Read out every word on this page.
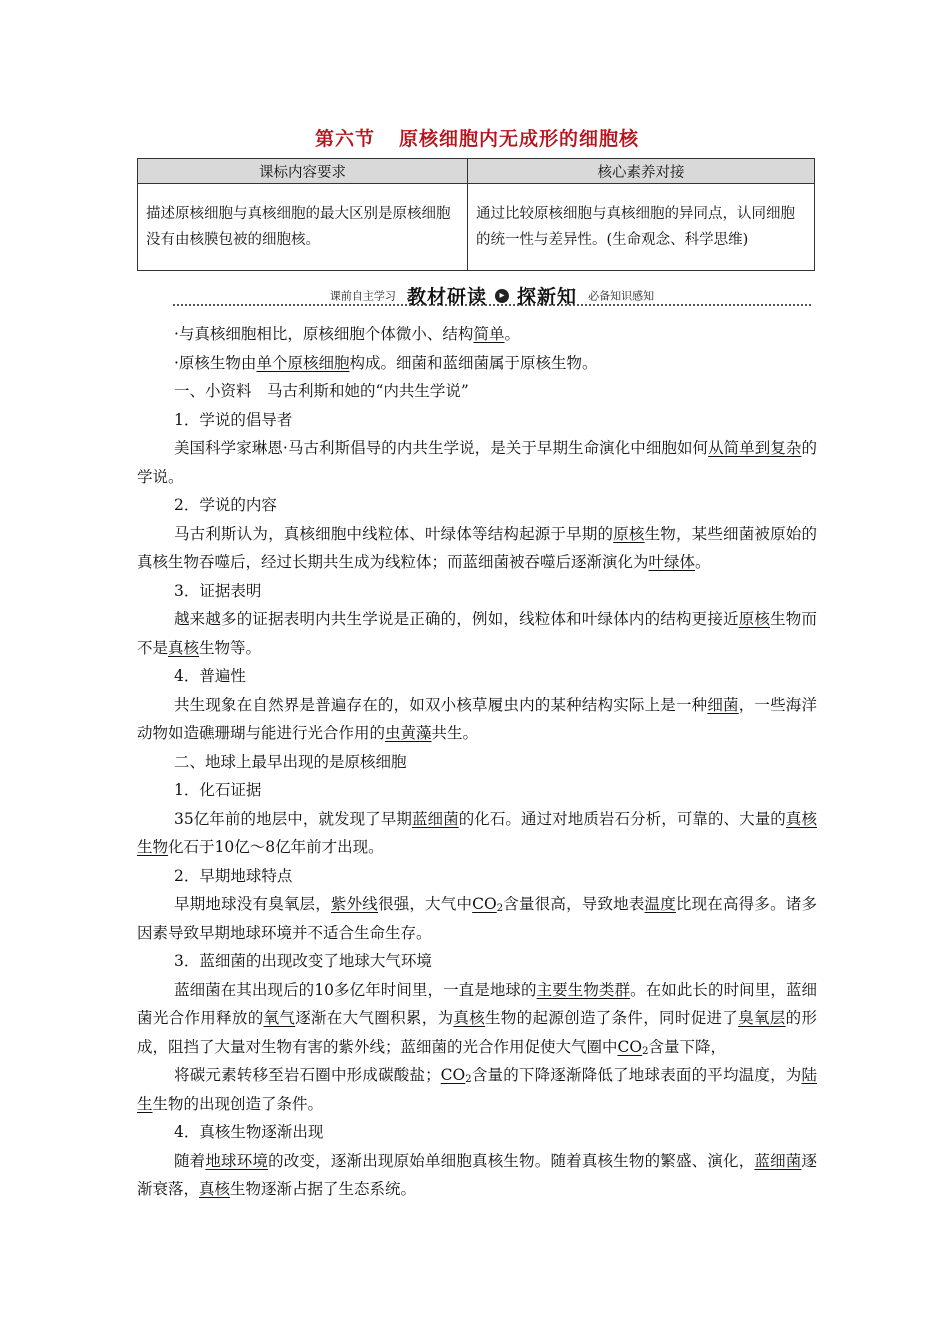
第六节 原核细胞内无成形的细胞核
课标内容要求	核心素养对接
描述原核细胞与真核细胞的最大区别是原核细胞没有由核膜包被的细胞核。	通过比较原核细胞与真核细胞的异同点，认同细胞的统一性与差异性。(生命观念、科学思维)
课前自主学习 教材研读 ▸ 探新知 必备知识感知

·与真核细胞相比，原核细胞个体微小、结构简单。

·原核生物由单个原核细胞构成。细菌和蓝细菌属于原核生物。

一、小资料　马古利斯和她的“内共生学说”

1．学说的倡导者

美国科学家琳恩·马古利斯倡导的内共生学说，是关于早期生命演化中细胞如何从简单到复杂的学说。

2．学说的内容

马古利斯认为，真核细胞中线粒体、叶绿体等结构起源于早期的原核生物，某些细菌被原始的真核生物吞噬后，经过长期共生成为线粒体；而蓝细菌被吞噬后逐渐演化为叶绿体。

3．证据表明

越来越多的证据表明内共生学说是正确的，例如，线粒体和叶绿体内的结构更接近原核生物而不是真核生物等。

4．普遍性

共生现象在自然界是普遍存在的，如双小核草履虫内的某种结构实际上是一种细菌，一些海洋动物如造礁珊瑚与能进行光合作用的虫黄藻共生。

二、地球上最早出现的是原核细胞

1．化石证据

35亿年前的地层中，就发现了早期蓝细菌的化石。通过对地质岩石分析，可靠的、大量的真核生物化石于10亿～8亿年前才出现。

2．早期地球特点

早期地球没有臭氧层，紫外线很强，大气中$CO_2$含量很高，导致地表温度比现在高得多。诸多因素导致早期地球环境并不适合生命生存。

3．蓝细菌的出现改变了地球大气环境

蓝细菌在其出现后的10多亿年时间里，一直是地球的主要生物类群。在如此长的时间里，蓝细菌光合作用释放的氧气逐渐在大气圈积累，为真核生物的起源创造了条件，同时促进了臭氧层的形成，阻挡了大量对生物有害的紫外线；蓝细菌的光合作用促使大气圈中$CO_2$含量下降，

将碳元素转移至岩石圈中形成碳酸盐；$CO_2$含量的下降逐渐降低了地球表面的平均温度，为陆生生物的出现创造了条件。

4．真核生物逐渐出现

随着地球环境的改变，逐渐出现原始单细胞真核生物。随着真核生物的繁盛、演化，蓝细菌逐渐衰落，真核生物逐渐占据了生态系统。
